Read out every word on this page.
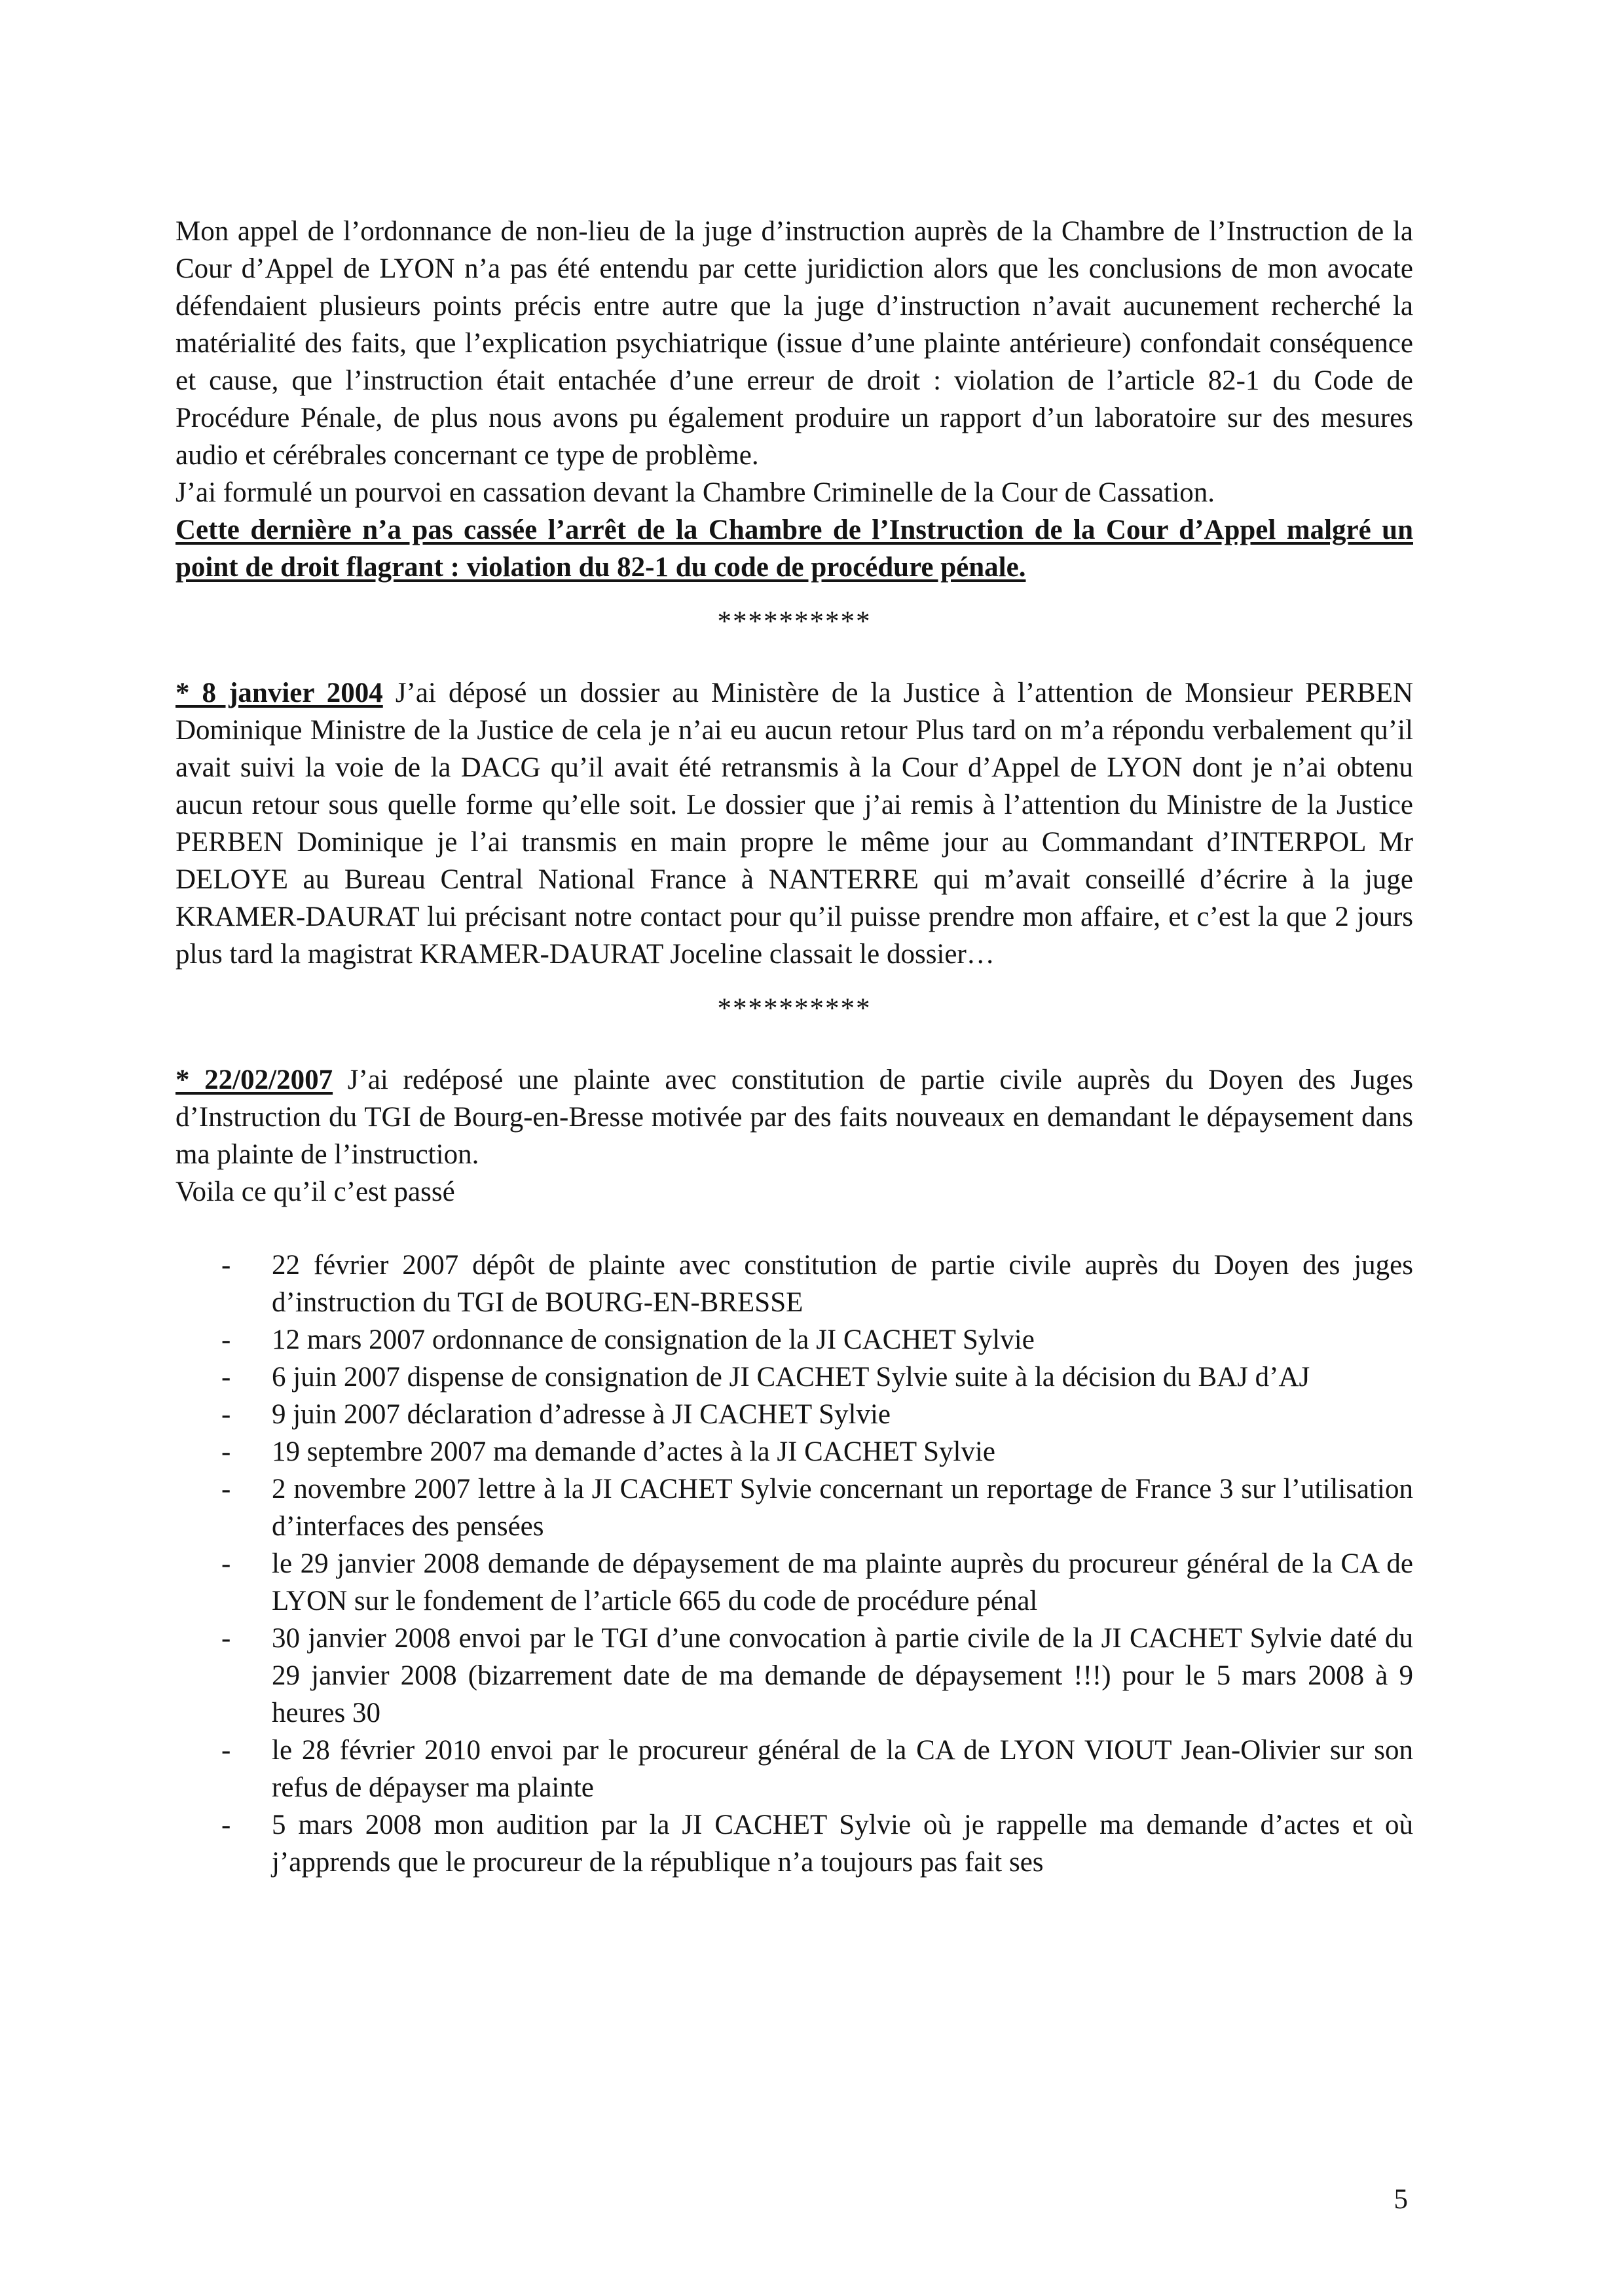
Mon appel de l’ordonnance de non-lieu de la juge d’instruction auprès de la Chambre de l’Instruction de la Cour d’Appel de LYON n’a pas été entendu par cette juridiction alors que les conclusions de mon avocate défendaient plusieurs points précis entre autre que la juge d’instruction n’avait aucunement recherché la matérialité des faits, que l’explication psychiatrique (issue d’une plainte antérieure) confondait conséquence et cause, que l’instruction était entachée d’une erreur de droit : violation de l’article 82-1 du Code de Procédure Pénale, de plus nous avons pu également produire un rapport d’un laboratoire sur des mesures audio et cérébrales concernant ce type de problème.

J’ai formulé un pourvoi en cassation devant la Chambre Criminelle de la Cour de Cassation.

Cette dernière n’a pas cassée l’arrêt de la Chambre de l’Instruction de la Cour d’Appel malgré un point de droit flagrant : violation du 82-1 du code de procédure pénale.

**********

* 8 janvier 2004 J’ai déposé un dossier au Ministère de la Justice à l’attention de Monsieur PERBEN Dominique Ministre de la Justice de cela je n’ai eu aucun retour Plus tard on m’a répondu verbalement qu’il avait suivi la voie de la DACG qu’il avait été retransmis à la Cour d’Appel de LYON dont je n’ai obtenu aucun retour sous quelle forme qu’elle soit. Le dossier que j’ai remis à l’attention du Ministre de la Justice PERBEN Dominique je l’ai transmis en main propre le même jour au Commandant d’INTERPOL Mr DELOYE au Bureau Central National France à NANTERRE qui m’avait conseillé d’écrire à la juge KRAMER-DAURAT lui précisant notre contact pour qu’il puisse prendre mon affaire, et c’est la que 2 jours plus tard la magistrat KRAMER-DAURAT Joceline classait le dossier…

**********

* 22/02/2007 J’ai redéposé une plainte avec constitution de partie civile auprès du Doyen des Juges d’Instruction du TGI de Bourg-en-Bresse motivée par des faits nouveaux en demandant le dépaysement dans ma plainte de l’instruction.

Voila ce qu’il c’est passé

- 22 février 2007 dépôt de plainte avec constitution de partie civile auprès du Doyen des juges d’instruction du TGI de BOURG-EN-BRESSE
- 12 mars 2007 ordonnance de consignation de la JI CACHET Sylvie
- 6 juin 2007 dispense de consignation de JI CACHET Sylvie suite à la décision du BAJ d’AJ
- 9 juin 2007 déclaration d’adresse à JI CACHET Sylvie
- 19 septembre 2007 ma demande d’actes à la JI CACHET Sylvie
- 2 novembre 2007 lettre à la JI CACHET Sylvie concernant un reportage de France 3 sur l’utilisation d’interfaces des pensées
- le 29 janvier 2008 demande de dépaysement de ma plainte auprès du procureur général de la CA de LYON sur le fondement de l’article 665 du code de procédure pénal
- 30 janvier 2008 envoi par le TGI d’une convocation à partie civile de la JI CACHET Sylvie daté du 29 janvier 2008 (bizarrement date de ma demande de dépaysement !!!) pour le 5 mars 2008 à 9 heures 30
- le 28 février 2010 envoi par le procureur général de la CA de LYON VIOUT Jean-Olivier sur son refus de dépayser ma plainte
- 5 mars 2008 mon audition par la JI CACHET Sylvie où je rappelle ma demande d’actes et où j’apprends que le procureur de la république n’a toujours pas fait ses
5
